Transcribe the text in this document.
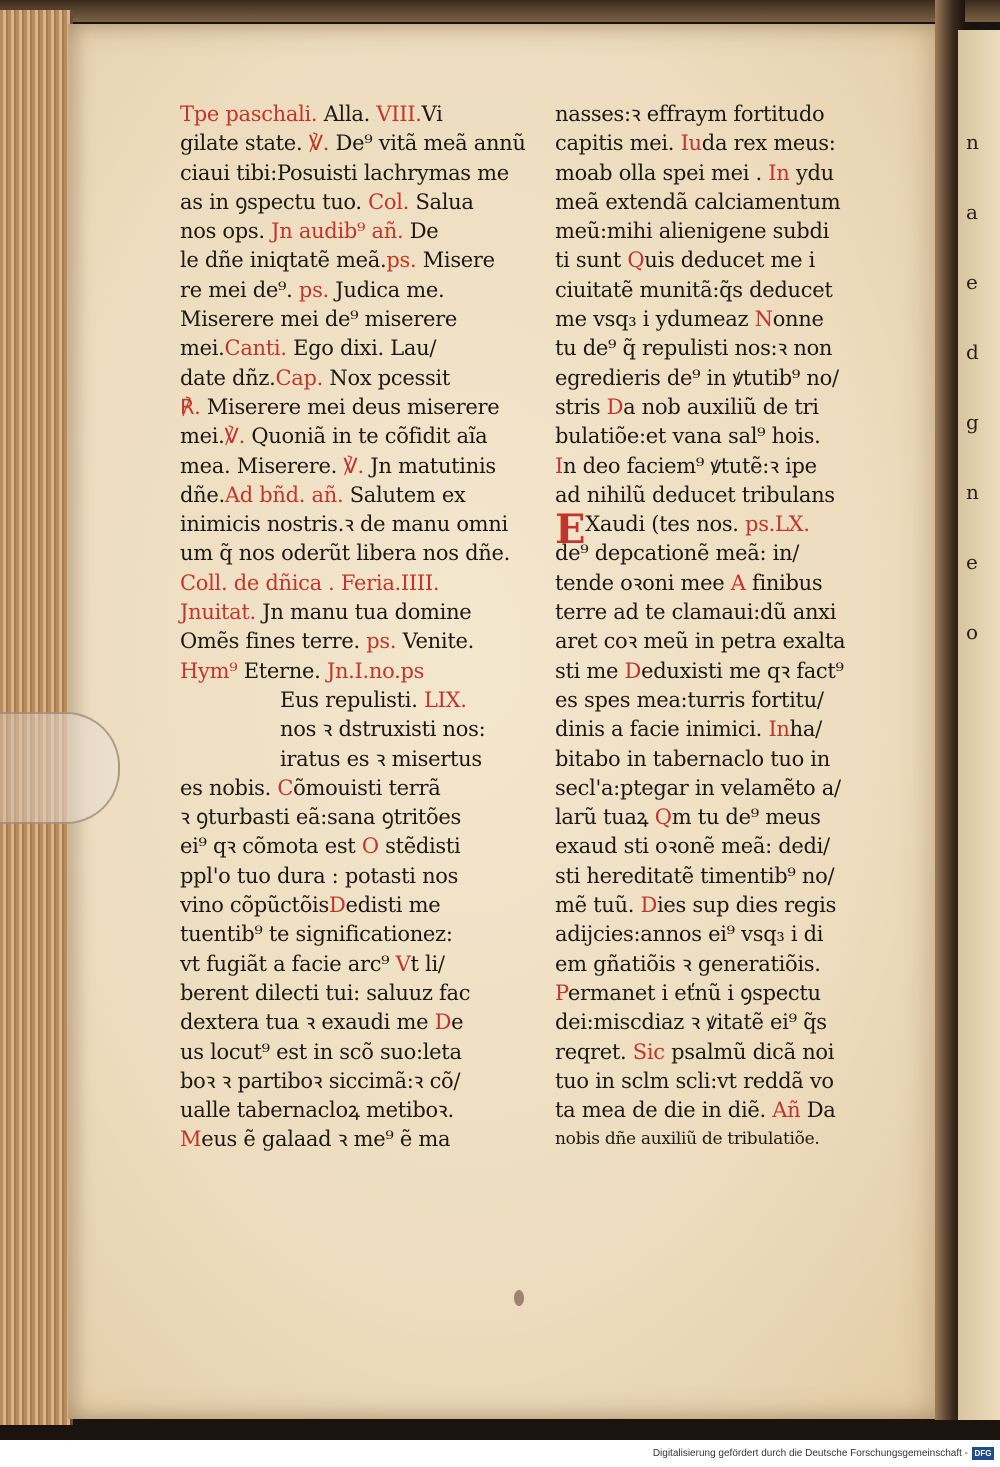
n
a
e
d
g
n
e
o
Tpe paschali. Alla. VIII.Vi
gilate state. ℣. De⁹ vitã meã annũ
ciaui tibi:Posuisti lachrymas me
as in ꝯspectu tuo. Col. Salua
nos ops. Jn audib⁹ añ. De
le dñe iniqtatẽ meã.ps. Misere
re mei de⁹. ps. Judica me.
Miserere mei de⁹ miserere
mei.Canti. Ego dixi. Lau/
date dñz.Cap. Nox pcessit
℟. Miserere mei deus miserere
mei.℣. Quoniã in te cõfidit aĩa
mea. Miserere. ℣. Jn matutinis
dñe.Ad bñd. añ. Salutem ex
inimicis nostris.ꝛ de manu omni
um q̃ nos oderũt libera nos dñe.
Coll. de dñica . Feria.IIII.
Jnuitat. Jn manu tua domine
Omẽs fines terre. ps. Venite.
Hym⁹ Eterne. Jn.I.no.ps
Eus repulisti. LIX.
nos ꝛ dstruxisti nos:
iratus es ꝛ misertus
es nobis. Cõmouisti terrã
ꝛ ꝯturbasti eã:sana ꝯtritões
ei⁹ qꝛ cõmota est O stẽdisti
ppl'o tuo dura : potasti nos
vino cõpũctõisDedisti me
tuentib⁹ te significationez:
vt fugiãt a facie arc⁹ Vt li/
berent dilecti tui: saluuz fac
dextera tua ꝛ exaudi me De
us locut⁹ est in scõ suo:leta
boꝛ ꝛ partiboꝛ siccimã:ꝛ cõ/
ualle tabernacloꝝ metiboꝛ.
Meus ẽ galaad ꝛ me⁹ ẽ ma
nasses:ꝛ effraym fortitudo
capitis mei. Iuda rex meus:
moab olla spei mei . In ydu
meã extendã calciamentum
meũ:mihi alienigene subdi
ti sunt Quis deducet me i
ciuitatẽ munitã:q̃s deducet
me vsq₃ i ydumeaz Nonne
tu de⁹ q̃ repulisti nos:ꝛ non
egredieris de⁹ in ꝟtutib⁹ no/
stris Da nob auxiliũ de tri
bulatiõe:et vana sal⁹ hois.
In deo faciem⁹ ꝟtutẽ:ꝛ ipe
ad nihilũ deducet tribulans
EXaudi (tes nos. ps.LX.
de⁹ depcationẽ meã: in/
tende oꝛoni mee A finibus
terre ad te clamaui:dũ anxi
aret coꝛ meũ in petra exalta
sti me Deduxisti me qꝛ fact⁹
es spes mea:turris fortitu/
dinis a facie inimici. Inha/
bitabo in tabernaclo tuo in
secl'a:ptegar in velamẽto a/
larũ tuaꝝ Qm tu de⁹ meus
exaud sti oꝛonẽ meã: dedi/
sti hereditatẽ timentib⁹ no/
mẽ tuũ. Dies sup dies regis
adijcies:annos ei⁹ vsq₃ i di
em gñatiõis ꝛ generatiõis.
Permanet i eťnũ i ꝯspectu
dei:miscdiaz ꝛ ꝟitatẽ ei⁹ q̃s
reqret. Sic psalmũ dicã noi
tuo in sclm scli:vt reddã vo
ta mea de die in diẽ. Añ Da
nobis dñe auxiliũ de tribulatiõe.
Digitalisierung gefördert durch die Deutsche Forschungsgemeinschaft - DFG
